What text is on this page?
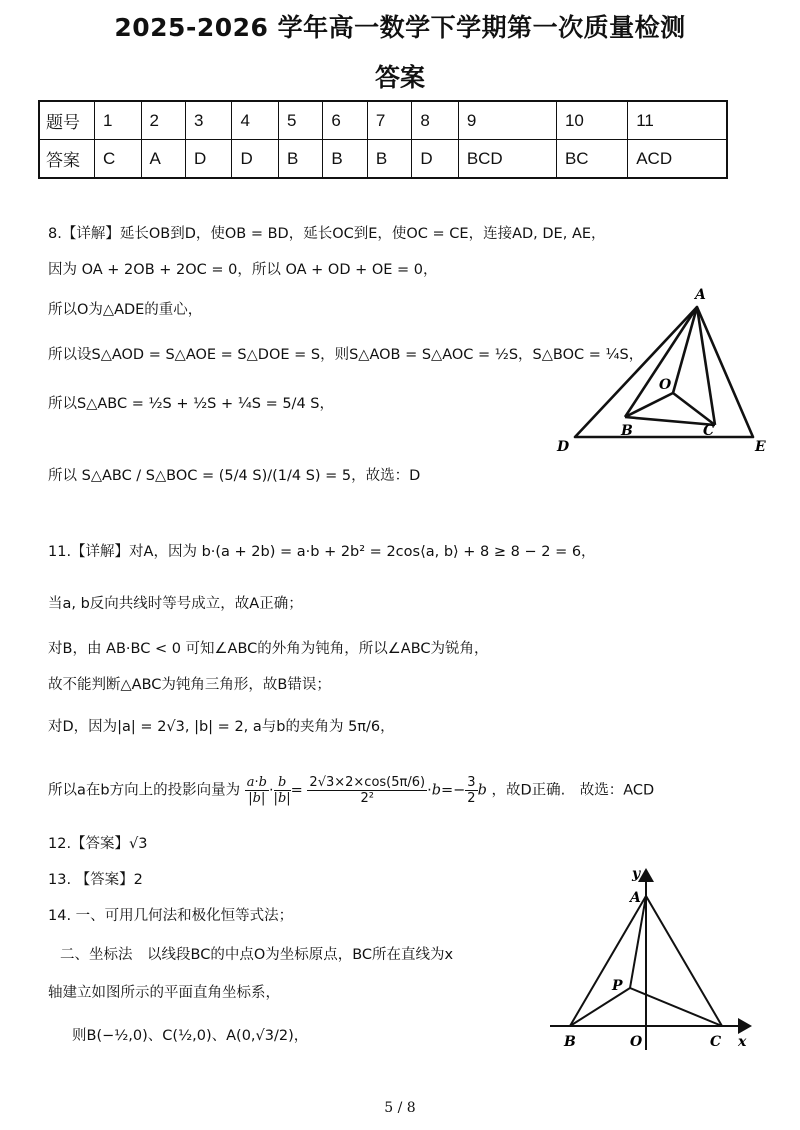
2025-2026 学年高一数学下学期第一次质量检测
答案
题号	1	2	3	4	5	6	7	8	9	10	11
答案	C	A	D	D	B	B	B	D	BCD	BC	ACD
8.【详解】延长OB到D，使OB = BD，延长OC到E，使OC = CE，连接AD, DE, AE，
因为 OA + 2OB + 2OC = 0，所以 OA + OD + OE = 0，
所以O为△ADE的重心，
所以设S△AOD = S△AOE = S△DOE = S，则S△AOB = S△AOC = ½S，S△BOC = ¼S，
所以S△ABC = ½S + ½S + ¼S = 5/4 S，
所以 S△ABC / S△BOC = (5/4 S)/(1/4 S) = 5，故选：D
A
O
B	C
D	E
11.【详解】对A，因为 b·(a + 2b) = a·b + 2b² = 2cos⟨a, b⟩ + 8 ≥ 8 − 2 = 6，
当a, b反向共线时等号成立，故A正确；
对B，由 AB·BC < 0 可知∠ABC的外角为钝角，所以∠ABC为锐角，
故不能判断△ABC为钝角三角形，故B错误；
对D，因为|a| = 2√3, |b| = 2, a与b的夹角为 5π/6，
所以a在b方向上的投影向量为 $\frac{a\cdot b}{|b|} \cdot \frac{b}{|b|} = \frac{2√3\times 2\times\cos(5\pi/6)}{\text{2²}} \cdot b=- \frac{3}{2}$ b ，故D正确.　故选：ACD
12.【答案】√3
13. 【答案】2
14. 一、可用几何法和极化恒等式法；
二、坐标法　以线段BC的中点O为坐标原点，BC所在直线为x
轴建立如图所示的平面直角坐标系，
则B(−½,0)、C(½,0)、A(0,√3/2)，
y
A
P
B	O	C x
5 / 8
